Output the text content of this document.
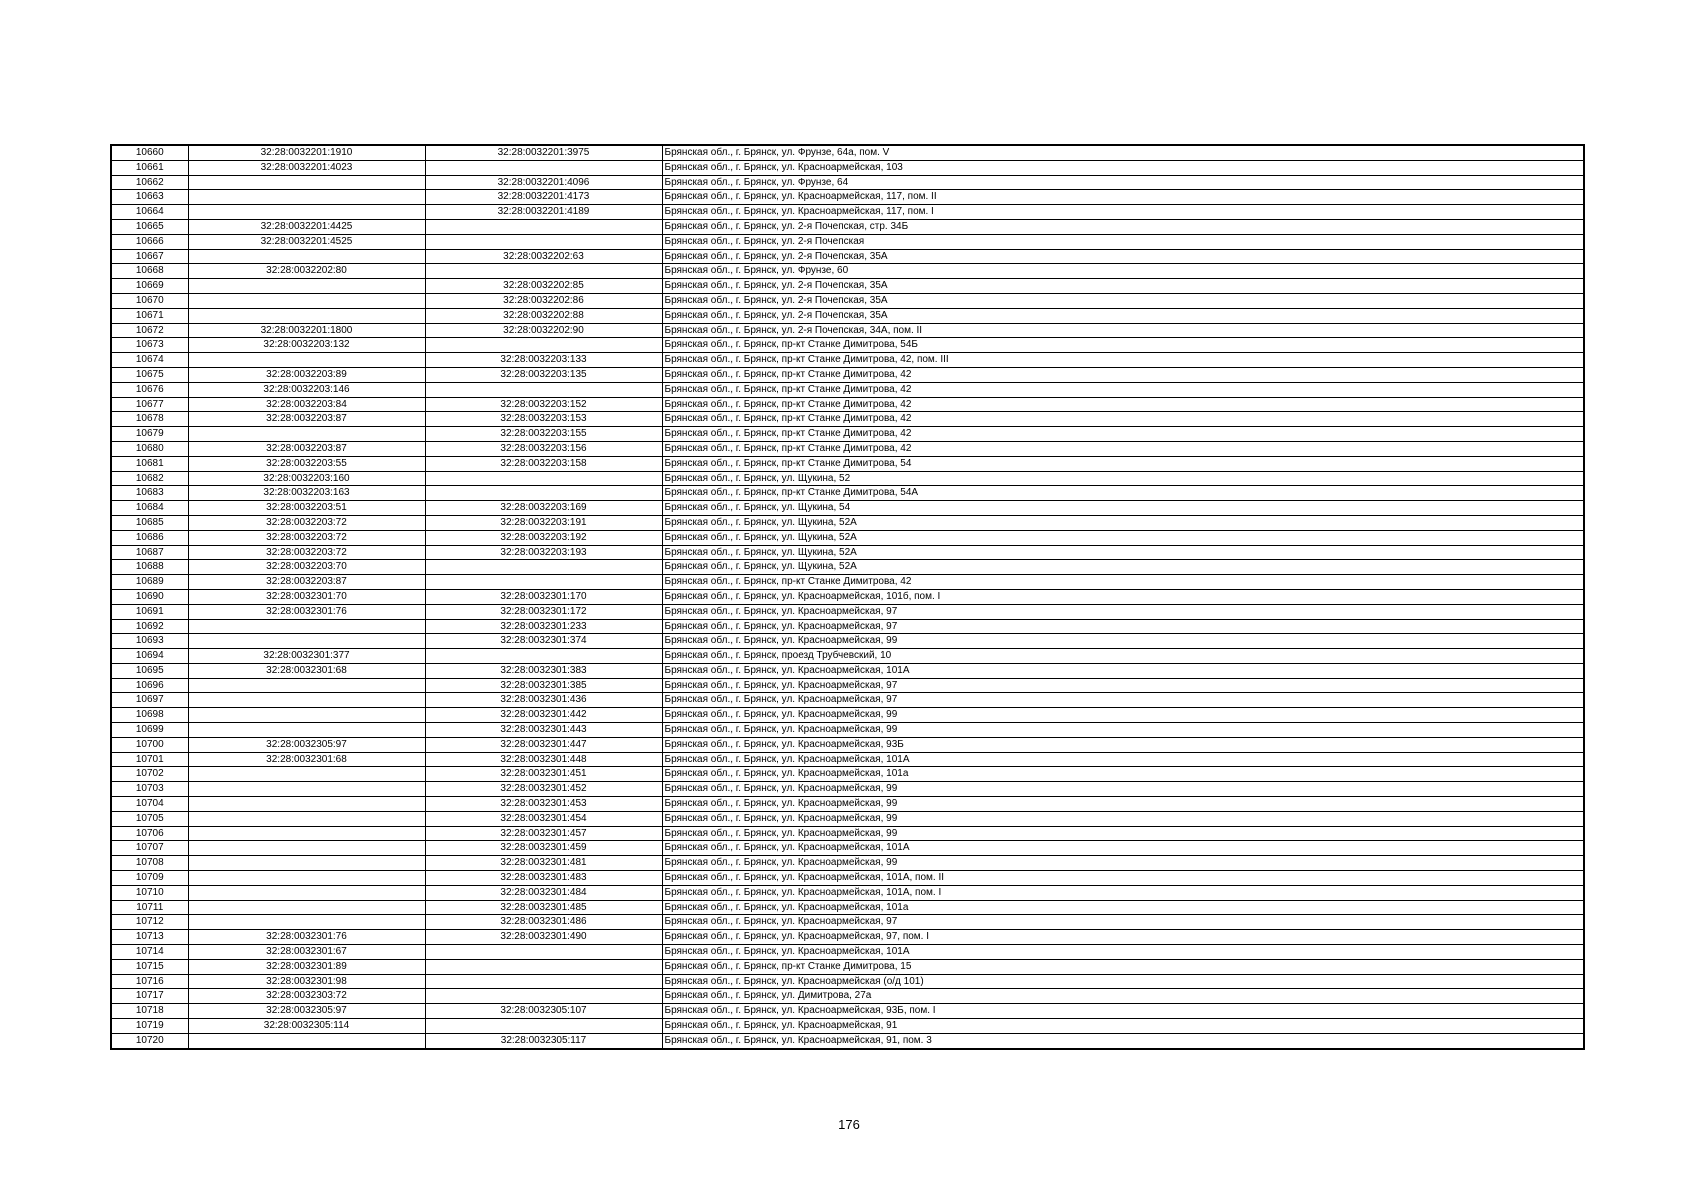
10660	32:28:0032201:1910	32:28:0032201:3975	Брянская обл., г. Брянск, ул. Фрунзе, 64а, пом. V
10661	32:28:0032201:4023		Брянская обл., г. Брянск, ул. Красноармейская, 103
10662		32:28:0032201:4096	Брянская обл., г. Брянск, ул. Фрунзе, 64
10663		32:28:0032201:4173	Брянская обл., г. Брянск, ул. Красноармейская, 117, пом. II
10664		32:28:0032201:4189	Брянская обл., г. Брянск, ул. Красноармейская, 117, пом. I
10665	32:28:0032201:4425		Брянская обл., г. Брянск, ул. 2-я Почепская, стр. 34Б
10666	32:28:0032201:4525		Брянская обл., г. Брянск, ул. 2-я Почепская
10667		32:28:0032202:63	Брянская обл., г. Брянск, ул. 2-я Почепская, 35А
10668	32:28:0032202:80		Брянская обл., г. Брянск, ул. Фрунзе, 60
10669		32:28:0032202:85	Брянская обл., г. Брянск, ул. 2-я Почепская, 35А
10670		32:28:0032202:86	Брянская обл., г. Брянск, ул. 2-я Почепская, 35А
10671		32:28:0032202:88	Брянская обл., г. Брянск, ул. 2-я Почепская, 35А
10672	32:28:0032201:1800	32:28:0032202:90	Брянская обл., г. Брянск, ул. 2-я Почепская, 34А, пом. II
10673	32:28:0032203:132		Брянская обл., г. Брянск, пр-кт Станке Димитрова, 54Б
10674		32:28:0032203:133	Брянская обл., г. Брянск, пр-кт Станке Димитрова, 42, пом. III
10675	32:28:0032203:89	32:28:0032203:135	Брянская обл., г. Брянск, пр-кт Станке Димитрова, 42
10676	32:28:0032203:146		Брянская обл., г. Брянск, пр-кт Станке Димитрова, 42
10677	32:28:0032203:84	32:28:0032203:152	Брянская обл., г. Брянск, пр-кт Станке Димитрова, 42
10678	32:28:0032203:87	32:28:0032203:153	Брянская обл., г. Брянск, пр-кт Станке Димитрова, 42
10679		32:28:0032203:155	Брянская обл., г. Брянск, пр-кт Станке Димитрова, 42
10680	32:28:0032203:87	32:28:0032203:156	Брянская обл., г. Брянск, пр-кт Станке Димитрова, 42
10681	32:28:0032203:55	32:28:0032203:158	Брянская обл., г. Брянск, пр-кт Станке Димитрова, 54
10682	32:28:0032203:160		Брянская обл., г. Брянск, ул. Щукина, 52
10683	32:28:0032203:163		Брянская обл., г. Брянск, пр-кт Станке Димитрова, 54А
10684	32:28:0032203:51	32:28:0032203:169	Брянская обл., г. Брянск, ул. Щукина, 54
10685	32:28:0032203:72	32:28:0032203:191	Брянская обл., г. Брянск, ул. Щукина, 52А
10686	32:28:0032203:72	32:28:0032203:192	Брянская обл., г. Брянск, ул. Щукина, 52А
10687	32:28:0032203:72	32:28:0032203:193	Брянская обл., г. Брянск, ул. Щукина, 52А
10688	32:28:0032203:70		Брянская обл., г. Брянск, ул. Щукина, 52А
10689	32:28:0032203:87		Брянская обл., г. Брянск, пр-кт Станке Димитрова, 42
10690	32:28:0032301:70	32:28:0032301:170	Брянская обл., г. Брянск, ул. Красноармейская, 101б, пом. I
10691	32:28:0032301:76	32:28:0032301:172	Брянская обл., г. Брянск, ул. Красноармейская, 97
10692		32:28:0032301:233	Брянская обл., г. Брянск, ул. Красноармейская, 97
10693		32:28:0032301:374	Брянская обл., г. Брянск, ул. Красноармейская, 99
10694	32:28:0032301:377		Брянская обл., г. Брянск, проезд Трубчевский, 10
10695	32:28:0032301:68	32:28:0032301:383	Брянская обл., г. Брянск, ул. Красноармейская, 101А
10696		32:28:0032301:385	Брянская обл., г. Брянск, ул. Красноармейская, 97
10697		32:28:0032301:436	Брянская обл., г. Брянск, ул. Красноармейская, 97
10698		32:28:0032301:442	Брянская обл., г. Брянск, ул. Красноармейская, 99
10699		32:28:0032301:443	Брянская обл., г. Брянск, ул. Красноармейская, 99
10700	32:28:0032305:97	32:28:0032301:447	Брянская обл., г. Брянск, ул. Красноармейская, 93Б
10701	32:28:0032301:68	32:28:0032301:448	Брянская обл., г. Брянск, ул. Красноармейская, 101А
10702		32:28:0032301:451	Брянская обл., г. Брянск, ул. Красноармейская, 101а
10703		32:28:0032301:452	Брянская обл., г. Брянск, ул. Красноармейская, 99
10704		32:28:0032301:453	Брянская обл., г. Брянск, ул. Красноармейская, 99
10705		32:28:0032301:454	Брянская обл., г. Брянск, ул. Красноармейская, 99
10706		32:28:0032301:457	Брянская обл., г. Брянск, ул. Красноармейская, 99
10707		32:28:0032301:459	Брянская обл., г. Брянск, ул. Красноармейская, 101А
10708		32:28:0032301:481	Брянская обл., г. Брянск, ул. Красноармейская, 99
10709		32:28:0032301:483	Брянская обл., г. Брянск, ул. Красноармейская, 101А, пом. II
10710		32:28:0032301:484	Брянская обл., г. Брянск, ул. Красноармейская, 101А, пом. I
10711		32:28:0032301:485	Брянская обл., г. Брянск, ул. Красноармейская, 101а
10712		32:28:0032301:486	Брянская обл., г. Брянск, ул. Красноармейская, 97
10713	32:28:0032301:76	32:28:0032301:490	Брянская обл., г. Брянск, ул. Красноармейская, 97, пом. I
10714	32:28:0032301:67		Брянская обл., г. Брянск, ул. Красноармейская, 101А
10715	32:28:0032301:89		Брянская обл., г. Брянск, пр-кт Станке Димитрова, 15
10716	32:28:0032301:98		Брянская обл., г. Брянск, ул. Красноармейская (о/д 101)
10717	32:28:0032303:72		Брянская обл., г. Брянск, ул. Димитрова, 27а
10718	32:28:0032305:97	32:28:0032305:107	Брянская обл., г. Брянск, ул. Красноармейская, 93Б, пом. I
10719	32:28:0032305:114		Брянская обл., г. Брянск, ул. Красноармейская, 91
10720		32:28:0032305:117	Брянская обл., г. Брянск, ул. Красноармейская, 91, пом. 3
176
